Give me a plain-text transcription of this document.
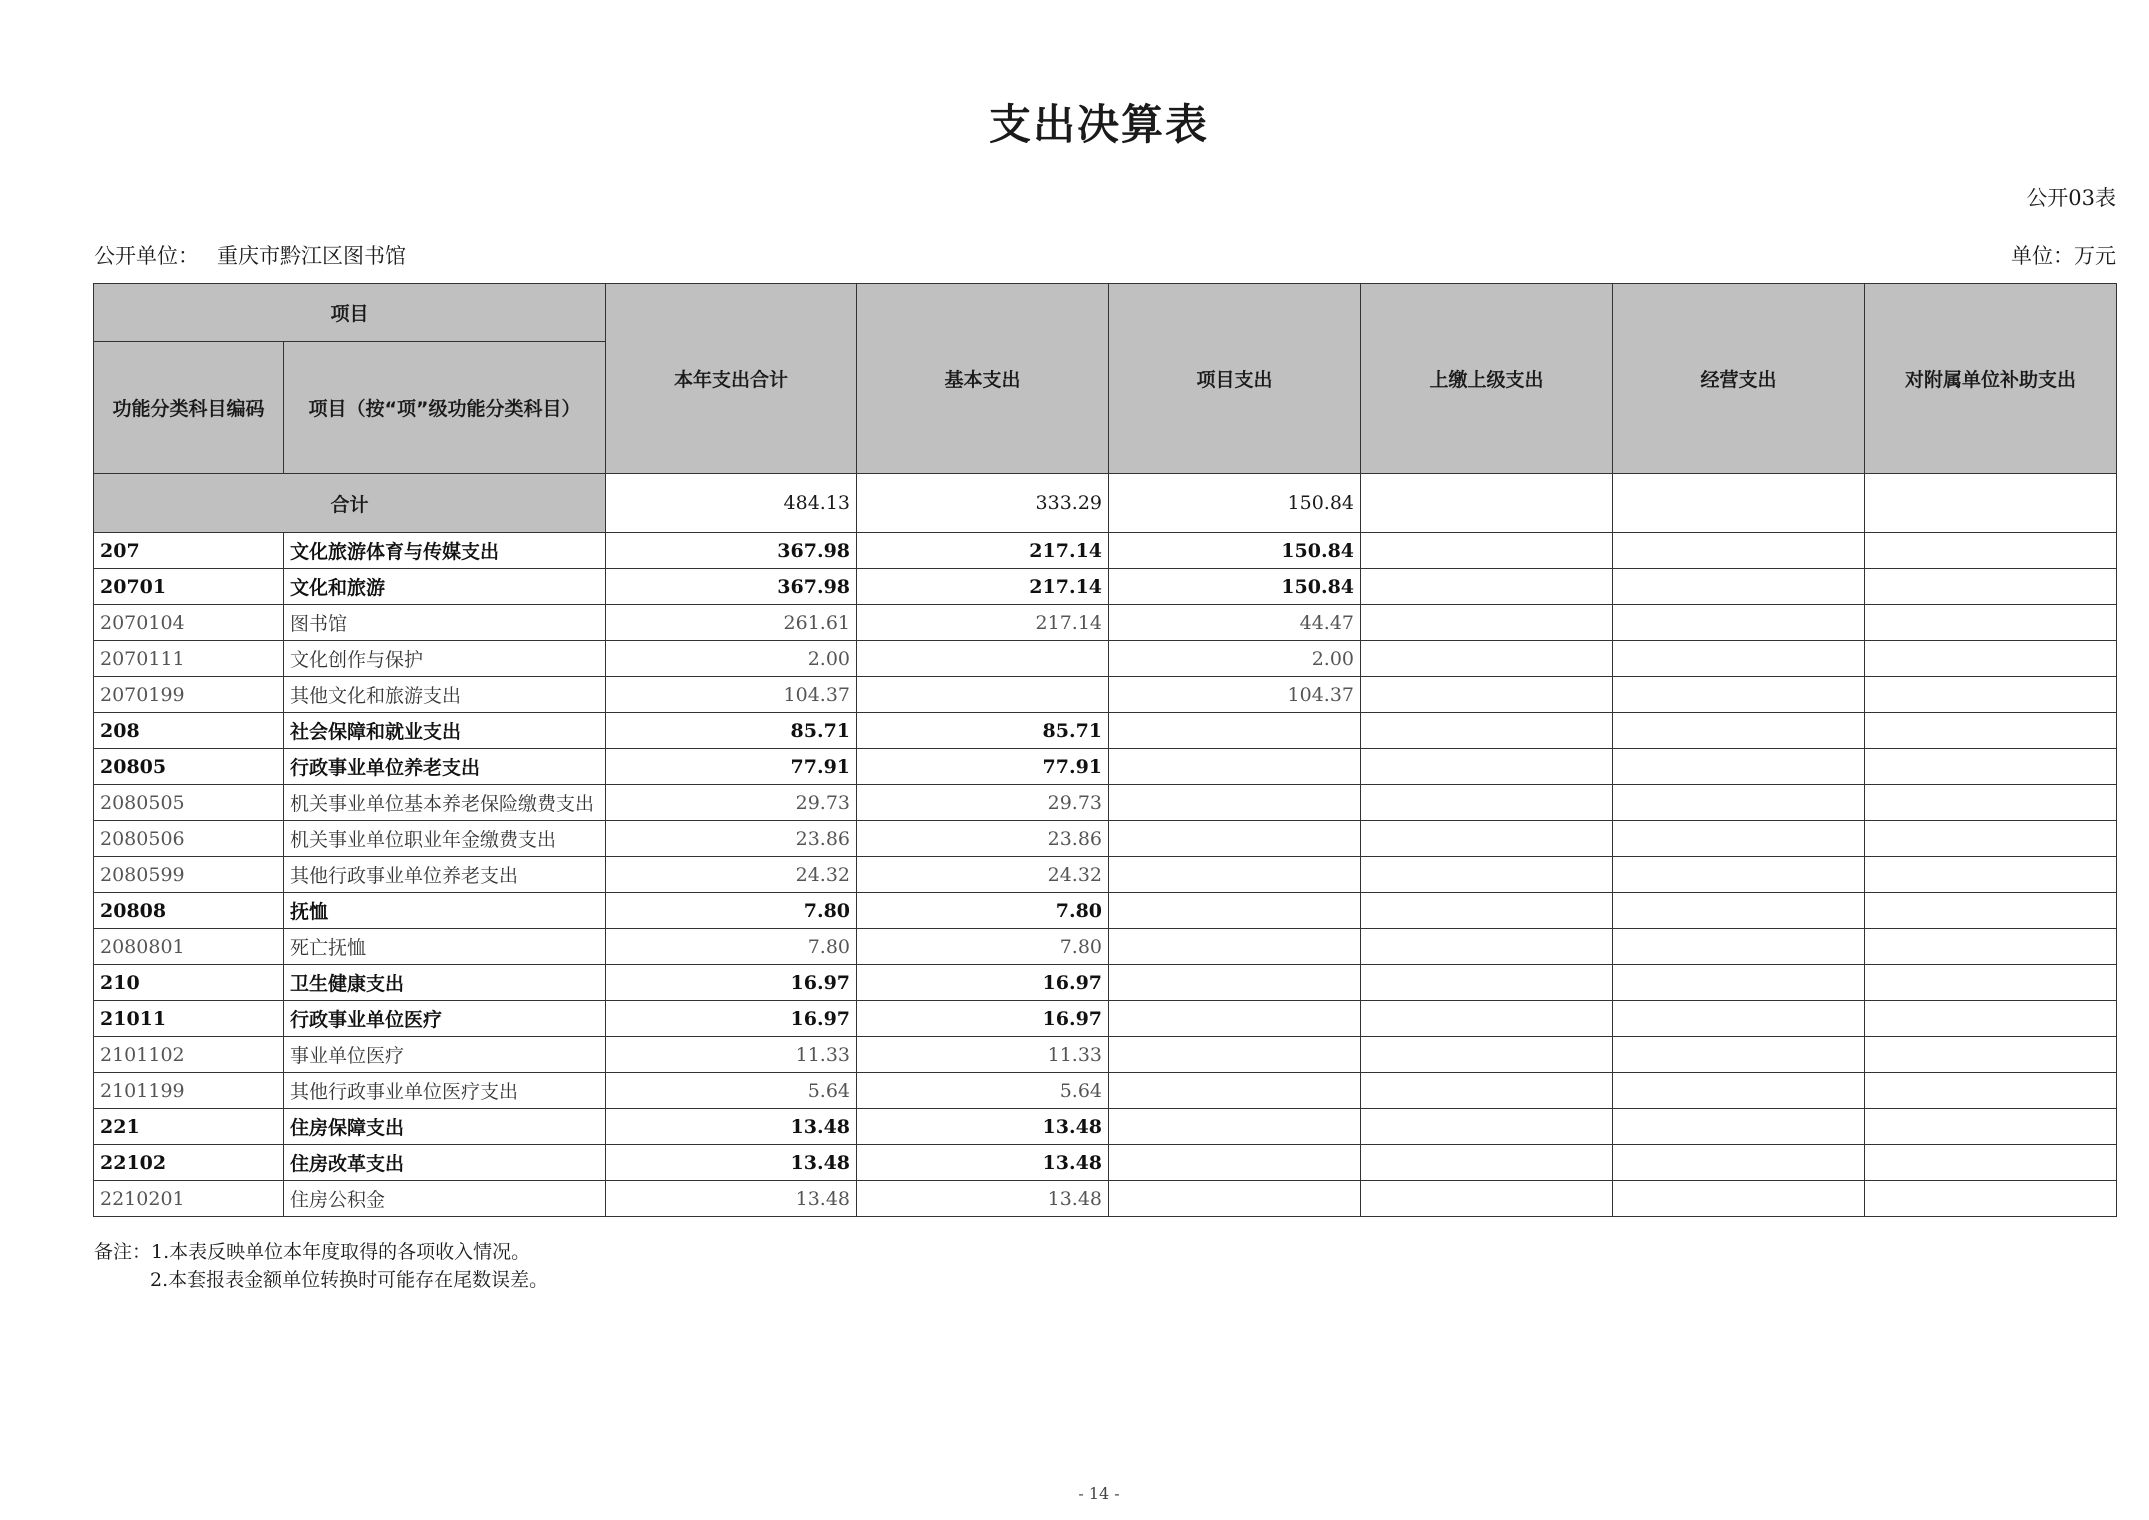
支出决算表
公开03表
公开单位： 重庆市黔江区图书馆	单位：万元
项目		本年支出合计	基本支出	项目支出	上缴上级支出	经营支出	对附属单位补助支出
功能分类科目编码	项目（按“项”级功能分类科目）						
合计		484.13	333.29	150.84			
207	文化旅游体育与传媒支出	367.98	217.14	150.84			
20701	文化和旅游	367.98	217.14	150.84			
2070104	图书馆	261.61	217.14	44.47			
2070111	文化创作与保护	2.00		2.00			
2070199	其他文化和旅游支出	104.37		104.37			
208	社会保障和就业支出	85.71	85.71				
20805	行政事业单位养老支出	77.91	77.91				
2080505	机关事业单位基本养老保险缴费支出	29.73	29.73				
2080506	机关事业单位职业年金缴费支出	23.86	23.86				
2080599	其他行政事业单位养老支出	24.32	24.32				
20808	抚恤	7.80	7.80				
2080801	死亡抚恤	7.80	7.80				
210	卫生健康支出	16.97	16.97				
21011	行政事业单位医疗	16.97	16.97				
2101102	事业单位医疗	11.33	11.33				
2101199	其他行政事业单位医疗支出	5.64	5.64				
221	住房保障支出	13.48	13.48				
22102	住房改革支出	13.48	13.48				
2210201	住房公积金	13.48	13.48				
备注：1.本表反映单位本年度取得的各项收入情况。
2.本套报表金额单位转换时可能存在尾数误差。
- 14 -
